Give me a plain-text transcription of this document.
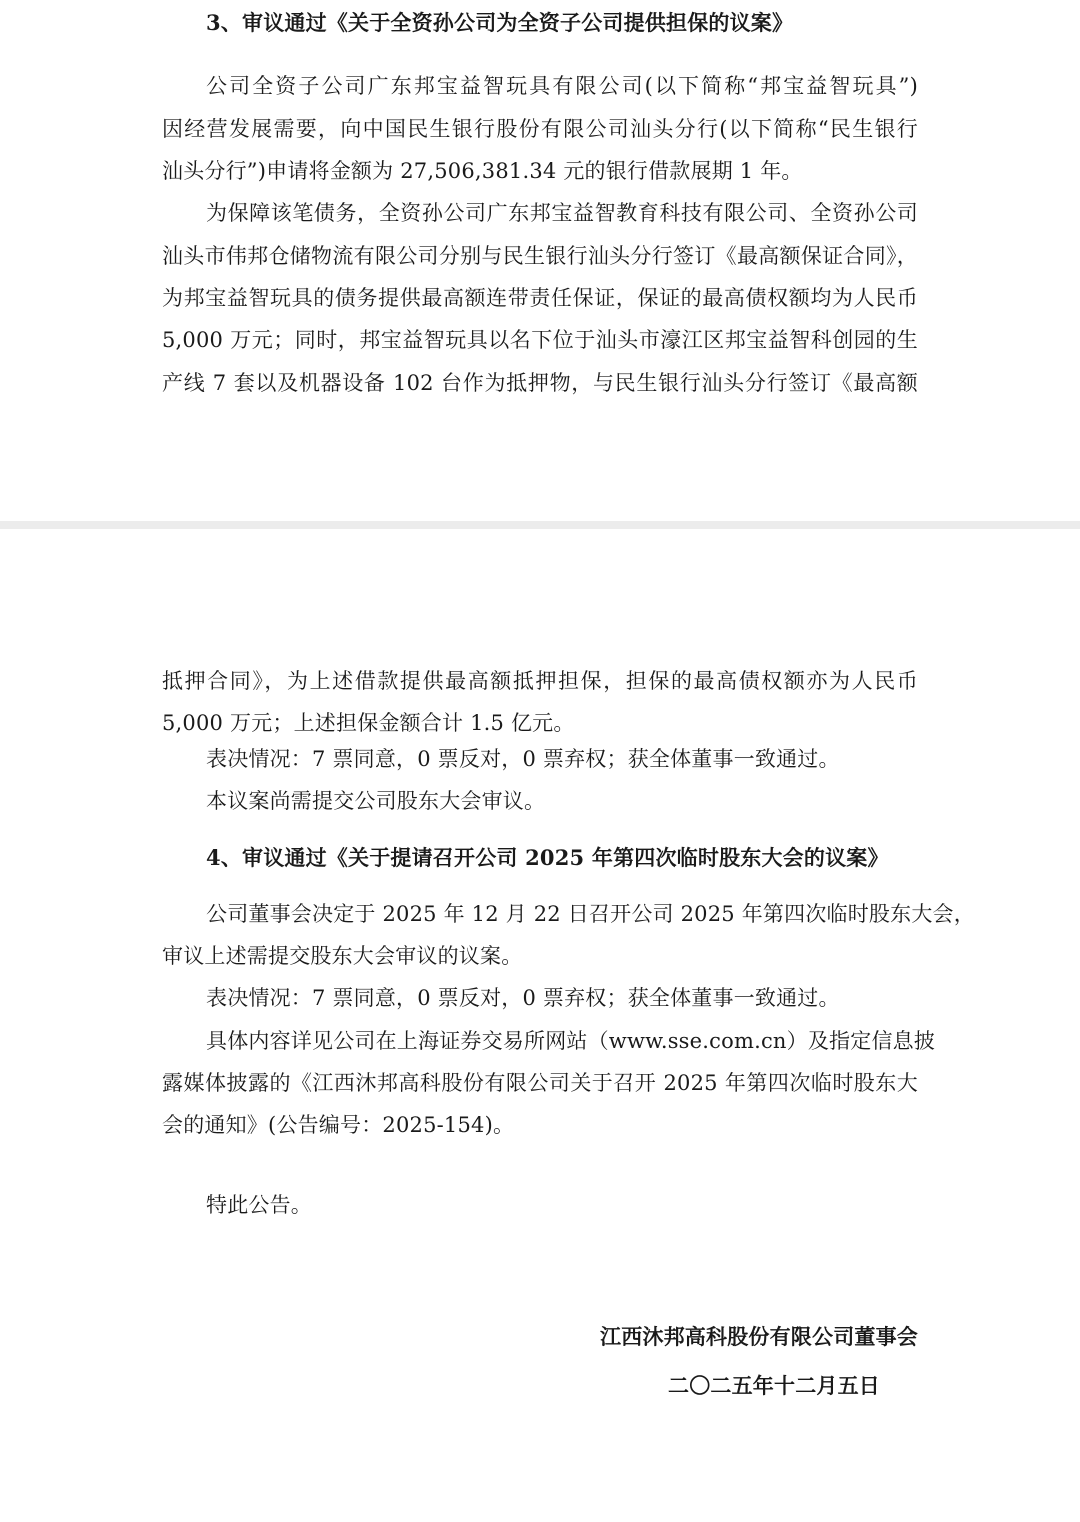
3、审议通过《关于全资孙公司为全资子公司提供担保的议案》

公司全资子公司广东邦宝益智玩具有限公司(以下简称“邦宝益智玩具”)

因经营发展需要，向中国民生银行股份有限公司汕头分行(以下简称“民生银行

汕头分行”)申请将金额为 27,506,381.34 元的银行借款展期 1 年。

为保障该笔债务，全资孙公司广东邦宝益智教育科技有限公司、全资孙公司

汕头市伟邦仓储物流有限公司分别与民生银行汕头分行签订《最高额保证合同》，

为邦宝益智玩具的债务提供最高额连带责任保证，保证的最高债权额均为人民币

5,000 万元；同时，邦宝益智玩具以名下位于汕头市濠江区邦宝益智科创园的生

产线 7 套以及机器设备 102 台作为抵押物，与民生银行汕头分行签订《最高额

抵押合同》，为上述借款提供最高额抵押担保，担保的最高债权额亦为人民币

5,000 万元；上述担保金额合计 1.5 亿元。

表决情况：7 票同意，0 票反对，0 票弃权；获全体董事一致通过。

本议案尚需提交公司股东大会审议。

4、审议通过《关于提请召开公司 2025 年第四次临时股东大会的议案》

公司董事会决定于 2025 年 12 月 22 日召开公司 2025 年第四次临时股东大会，

审议上述需提交股东大会审议的议案。

表决情况：7 票同意，0 票反对，0 票弃权；获全体董事一致通过。

具体内容详见公司在上海证券交易所网站（www.sse.com.cn）及指定信息披

露媒体披露的《江西沐邦高科股份有限公司关于召开 2025 年第四次临时股东大

会的通知》(公告编号：2025-154)。

特此公告。

江西沐邦高科股份有限公司董事会

二〇二五年十二月五日
